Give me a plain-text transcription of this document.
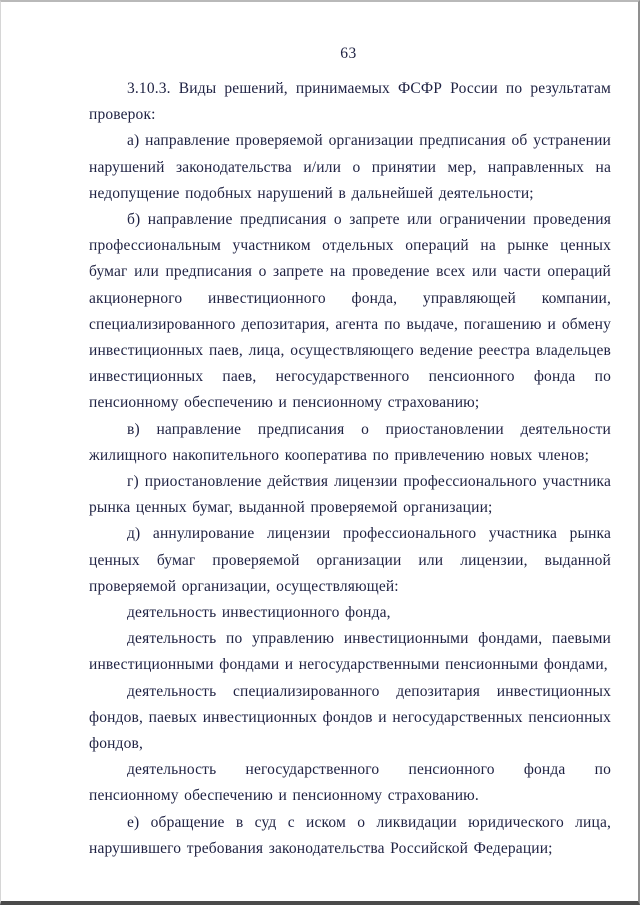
63

3.10.3. Виды решений, принимаемых ФСФР России по результатам проверок:

а) направление проверяемой организации предписания об устранении нарушений законодательства и/или о принятии мер, направленных на недопущение подобных нарушений в дальнейшей деятельности;

б) направление предписания о запрете или ограничении проведения профессиональным участником отдельных операций на рынке ценных бумаг или предписания о запрете на проведение всех или части операций акционерного инвестиционного фонда, управляющей компании, специализированного депозитария, агента по выдаче, погашению и обмену инвестиционных паев, лица, осуществляющего ведение реестра владельцев инвестиционных паев, негосударственного пенсионного фонда по пенсионному обеспечению и пенсионному страхованию;

в) направление предписания о приостановлении деятельности жилищного накопительного кооператива по привлечению новых членов;

г) приостановление действия лицензии профессионального участника рынка ценных бумаг, выданной проверяемой организации;

д) аннулирование лицензии профессионального участника рынка ценных бумаг проверяемой организации или лицензии, выданной проверяемой организации, осуществляющей:

деятельность инвестиционного фонда,

деятельность по управлению инвестиционными фондами, паевыми инвестиционными фондами и негосударственными пенсионными фондами,

деятельность специализированного депозитария инвестиционных фондов, паевых инвестиционных фондов и негосударственных пенсионных фондов,

деятельность негосударственного пенсионного фонда по пенсионному обеспечению и пенсионному страхованию.

е) обращение в суд с иском о ликвидации юридического лица, нарушившего требования законодательства Российской Федерации;
